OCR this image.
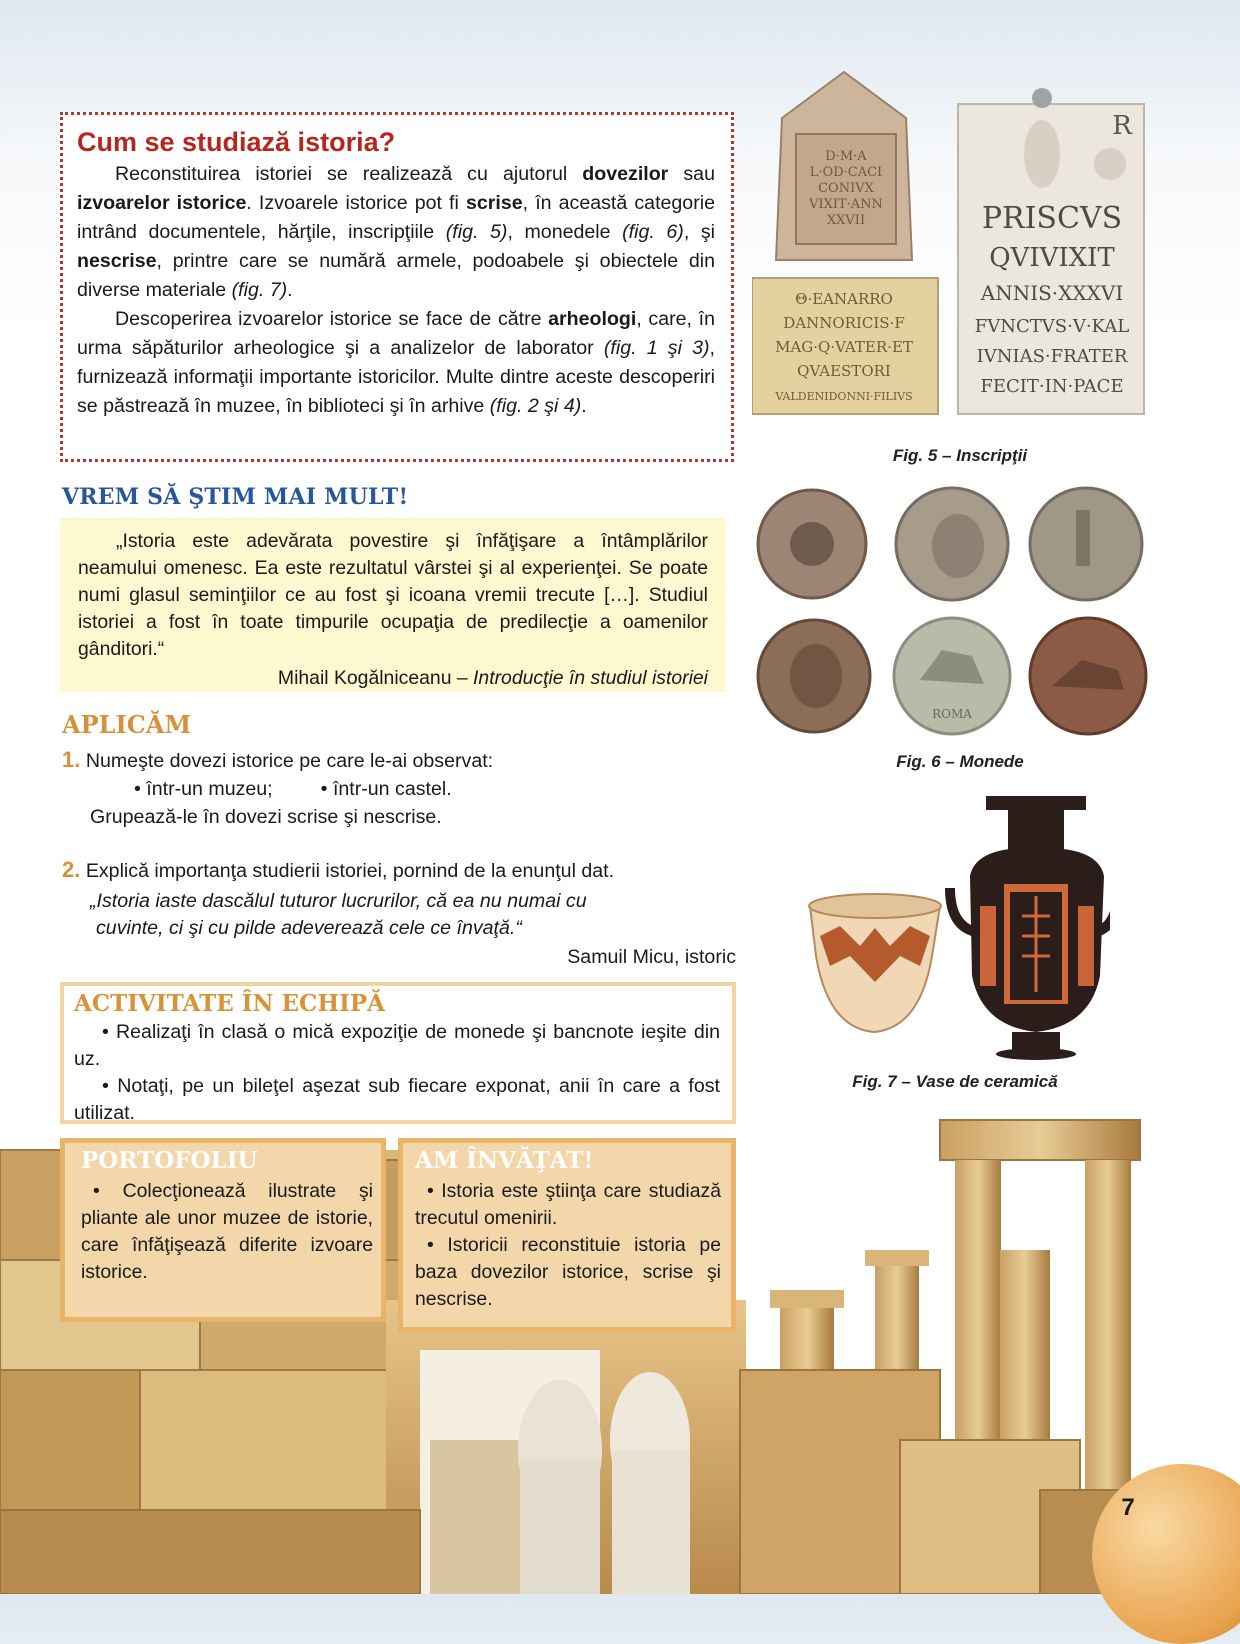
Cum se studiază istoria?

Reconstituirea istoriei se realizează cu ajutorul dovezilor sau izvoarelor istorice. Izvoarele istorice pot fi scrise, în această categorie intrând documentele, hărţile, inscripţiile (fig. 5), monedele (fig. 6), şi nescrise, printre care se numără armele, podoabele şi obiectele din diverse materiale (fig. 7).

Descoperirea izvoarelor istorice se face de către arheologi, care, în urma săpăturilor arheologice şi a analizelor de laborator (fig. 1 şi 3), furnizează informaţii importante istoricilor. Multe dintre aceste descoperiri se păstrează în muzee, în biblioteci şi în arhive (fig. 2 şi 4).

VREM SĂ ŞTIM MAI MULT!

„Istoria este adevărata povestire şi înfăţişare a întâmplărilor neamului omenesc. Ea este rezultatul vârstei şi al experienţei. Se poate numi glasul seminţiilor ce au fost şi icoana vremii trecute […]. Studiul istoriei a fost în toate timpurile ocupaţia de predilecţie a oamenilor gânditori.“

Mihail Kogălniceanu – Introducţie în studiul istoriei
APLICĂM
1. Numeşte dovezi istorice pe care le-ai observat:
• într-un muzeu; • într-un castel.
Grupează-le în dovezi scrise şi nescrise.
2. Explică importanţa studierii istoriei, pornind de la enunţul dat.
„Istoria iaste dascălul tuturor lucrurilor, că ea nu numai cu
cuvinte, ci şi cu pilde adeverează cele ce învaţă.“
Samuil Micu, istoric
ACTIVITATE ÎN ECHIPĂ

• Realizaţi în clasă o mică expoziţie de monede şi bancnote ieşite din uz.

• Notaţi, pe un bileţel aşezat sub fiecare exponat, anii în care a fost utilizat.

PORTOFOLIU

• Colecţionează ilustrate şi pliante ale unor muzee de istorie, care înfăţişează diferite izvoare istorice.

AM ÎNVĂŢAT!

• Istoria este ştiinţa care studiază trecutul omenirii.

• Istoricii reconstituie istoria pe baza dovezilor istorice, scrise şi nescrise.

D·M·A
L·OD·CACI
CONIVX
VIXIT·ANN
XXVII
Θ·EANARRO
DANNORICIS·F
MAG·Q·VATER·ET
QVAESTORI
VALDENIDONNI·FILIVS
R
PRISCVS
QVIVIXIT
ANNIS·XXXVI
FVNCTVS·V·KAL
IVNIAS·FRATER
FECIT·IN·PACE
Fig. 5 – Inscripţii
ROMA
Fig. 6 – Monede
Fig. 7 – Vase de ceramică
7
